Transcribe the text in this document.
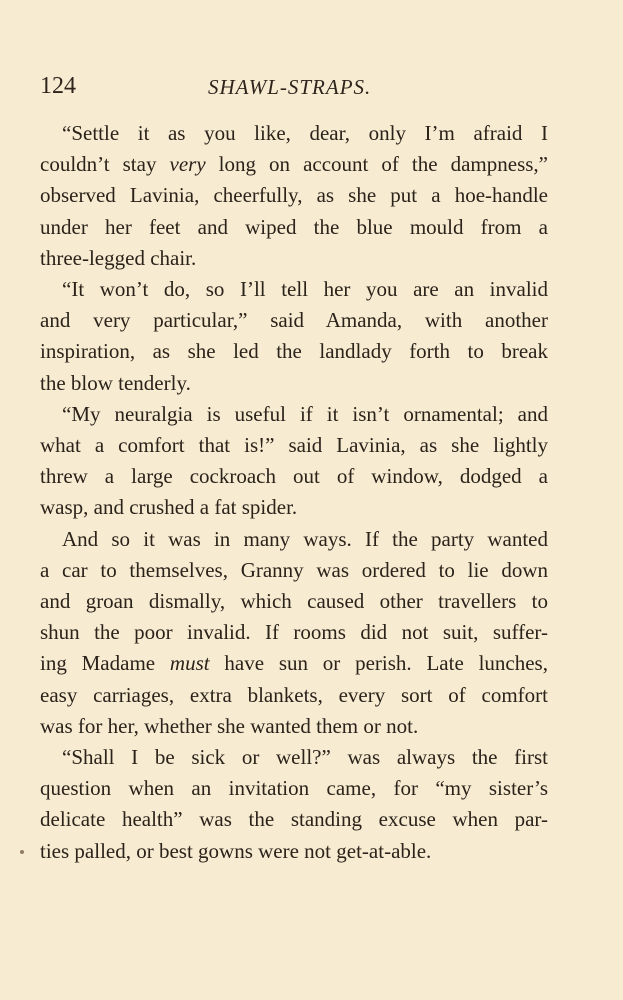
124	SHAWL-STRAPS.
“Settle it as you like, dear, only I’m afraid I
couldn’t stay very long on account of the dampness,”
observed Lavinia, cheerfully, as she put a hoe-handle
under her feet and wiped the blue mould from a
three-legged chair.
“It won’t do, so I’ll tell her you are an invalid
and very particular,” said Amanda, with another
inspiration, as she led the landlady forth to break
the blow tenderly.
“My neuralgia is useful if it isn’t ornamental; and
what a comfort that is!” said Lavinia, as she lightly
threw a large cockroach out of window, dodged a
wasp, and crushed a fat spider.
And so it was in many ways. If the party wanted
a car to themselves, Granny was ordered to lie down
and groan dismally, which caused other travellers to
shun the poor invalid. If rooms did not suit, suffer-
ing Madame must have sun or perish. Late lunches,
easy carriages, extra blankets, every sort of comfort
was for her, whether she wanted them or not.
“Shall I be sick or well?” was always the first
question when an invitation came, for “my sister’s
delicate health” was the standing excuse when par-
ties palled, or best gowns were not get-at-able.
